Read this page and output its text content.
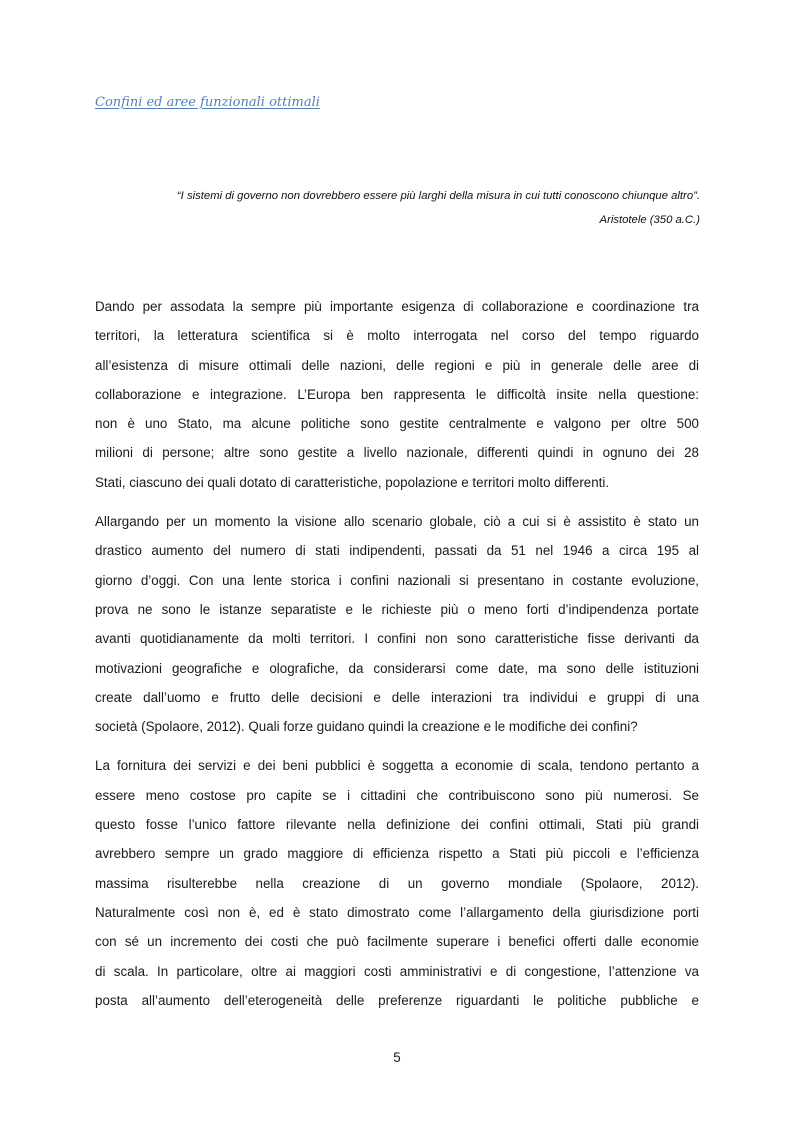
Confini ed aree funzionali ottimali

“I sistemi di governo non dovrebbero essere più larghi della misura in cui tutti conoscono chiunque altro”.

Aristotele (350 a.C.)

Dando per assodata la sempre più importante esigenza di collaborazione e coordinazione tra
territori, la letteratura scientifica si è molto interrogata nel corso del tempo riguardo
all’esistenza di misure ottimali delle nazioni, delle regioni e più in generale delle aree di
collaborazione e integrazione. L’Europa ben rappresenta le difficoltà insite nella questione:
non è uno Stato, ma alcune politiche sono gestite centralmente e valgono per oltre 500
milioni di persone; altre sono gestite a livello nazionale, differenti quindi in ognuno dei 28
Stati, ciascuno dei quali dotato di caratteristiche, popolazione e territori molto differenti.
Allargando per un momento la visione allo scenario globale, ciò a cui si è assistito è stato un
drastico aumento del numero di stati indipendenti, passati da 51 nel 1946 a circa 195 al
giorno d’oggi. Con una lente storica i confini nazionali si presentano in costante evoluzione,
prova ne sono le istanze separatiste e le richieste più o meno forti d’indipendenza portate
avanti quotidianamente da molti territori. I confini non sono caratteristiche fisse derivanti da
motivazioni geografiche e olografiche, da considerarsi come date, ma sono delle istituzioni
create dall’uomo e frutto delle decisioni e delle interazioni tra individui e gruppi di una
società (Spolaore, 2012). Quali forze guidano quindi la creazione e le modifiche dei confini?
La fornitura dei servizi e dei beni pubblici è soggetta a economie di scala, tendono pertanto a
essere meno costose pro capite se i cittadini che contribuiscono sono più numerosi. Se
questo fosse l’unico fattore rilevante nella definizione dei confini ottimali, Stati più grandi
avrebbero sempre un grado maggiore di efficienza rispetto a Stati più piccoli e l’efficienza
massima risulterebbe nella creazione di un governo mondiale (Spolaore, 2012).
Naturalmente così non è, ed è stato dimostrato come l’allargamento della giurisdizione porti
con sé un incremento dei costi che può facilmente superare i benefici offerti dalle economie
di scala. In particolare, oltre ai maggiori costi amministrativi e di congestione, l’attenzione va
posta all’aumento dell’eterogeneità delle preferenze riguardanti le politiche pubbliche e
5
